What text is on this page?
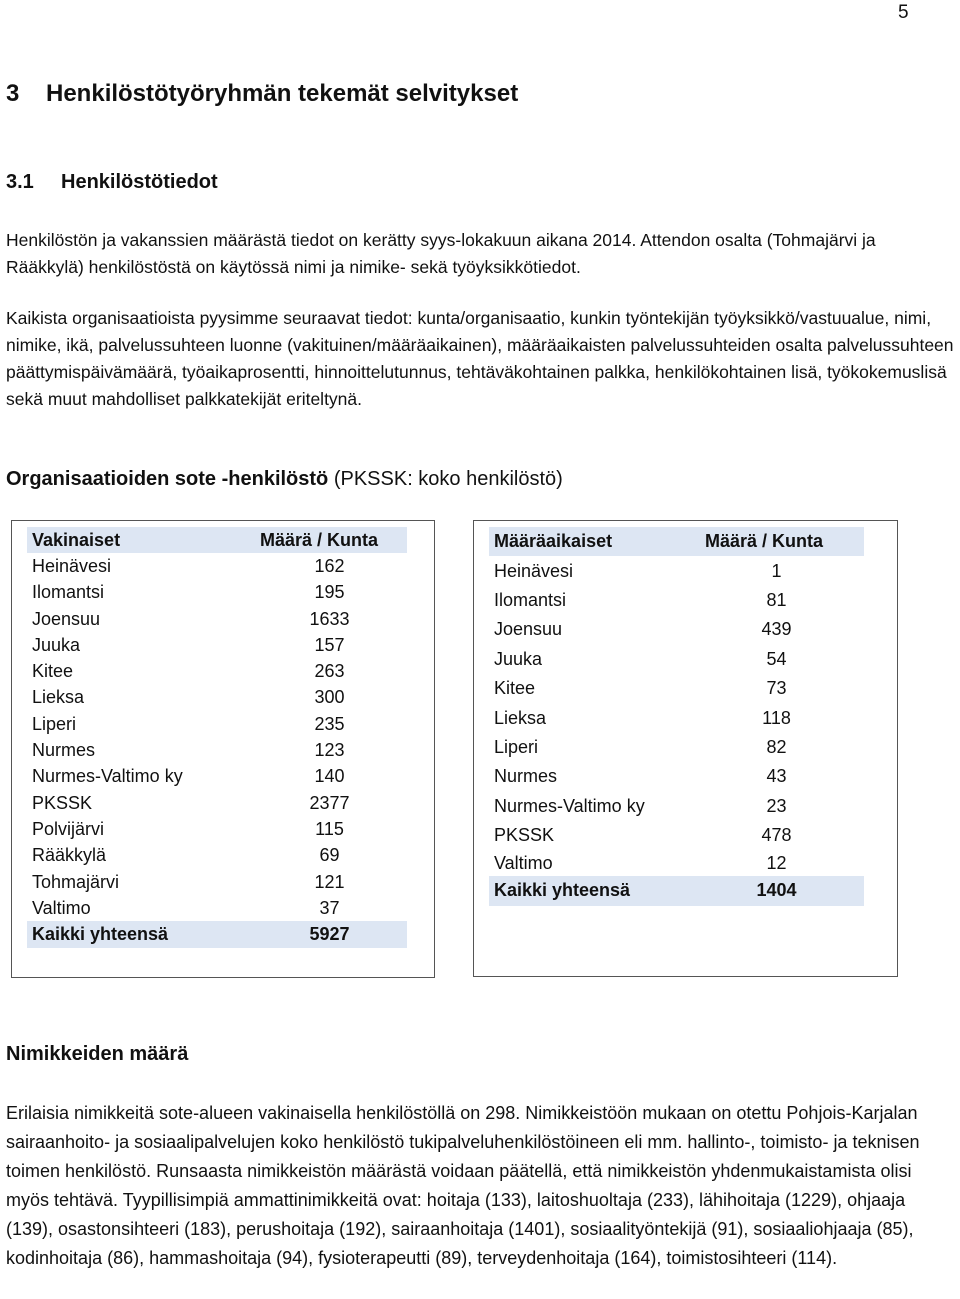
5
3 Henkilöstötyöryhmän tekemät selvitykset
3.1 Henkilöstötiedot
Henkilöstön ja vakanssien määrästä tiedot on kerätty syys-lokakuun aikana 2014. Attendon osalta (Tohmajärvi ja Rääkkylä) henkilöstöstä on käytössä nimi ja nimike- sekä työyksikkötiedot.
Kaikista organisaatioista pyysimme seuraavat tiedot: kunta/organisaatio, kunkin työntekijän työyksikkö/vastuualue, nimi, nimike, ikä, palvelussuhteen luonne (vakituinen/määräaikainen), määräaikaisten palvelussuhteiden osalta palvelussuhteen päättymispäivämäärä, työaikaprosentti, hinnoittelutunnus, tehtäväkohtainen palkka, henkilökohtainen lisä, työkokemuslisä sekä muut mahdolliset palkkatekijät eriteltynä.
Organisaatioiden sote -henkilöstö (PKSSK: koko henkilöstö)
Vakinaiset	Määrä / Kunta
Heinävesi	162
Ilomantsi	195
Joensuu	1633
Juuka	157
Kitee	263
Lieksa	300
Liperi	235
Nurmes	123
Nurmes-Valtimo ky	140
PKSSK	2377
Polvijärvi	115
Rääkkylä	69
Tohmajärvi	121
Valtimo	37
Kaikki yhteensä	5927
Määräaikaiset	Määrä / Kunta
Heinävesi	1
Ilomantsi	81
Joensuu	439
Juuka	54
Kitee	73
Lieksa	118
Liperi	82
Nurmes	43
Nurmes-Valtimo ky	23
PKSSK	478
Valtimo	12
Kaikki yhteensä	1404
Nimikkeiden määrä
Erilaisia nimikkeitä sote-alueen vakinaisella henkilöstöllä on 298. Nimikkeistöön mukaan on otettu Pohjois-Karjalan sairaanhoito- ja sosiaalipalvelujen koko henkilöstö tukipalveluhenkilöstöineen eli mm. hallinto-, toimisto- ja teknisen toimen henkilöstö. Runsaasta nimikkeistön määrästä voidaan päätellä, että nimikkeistön yhdenmukaistamista olisi myös tehtävä. Tyypillisimpiä ammattinimikkeitä ovat: hoitaja (133), laitoshuoltaja (233), lähihoitaja (1229), ohjaaja (139), osastonsihteeri (183), perushoitaja (192), sairaanhoitaja (1401), sosiaalityöntekijä (91), sosiaaliohjaaja (85), kodinhoitaja (86), hammashoitaja (94), fysioterapeutti (89), terveydenhoitaja (164), toimistosihteeri (114).
